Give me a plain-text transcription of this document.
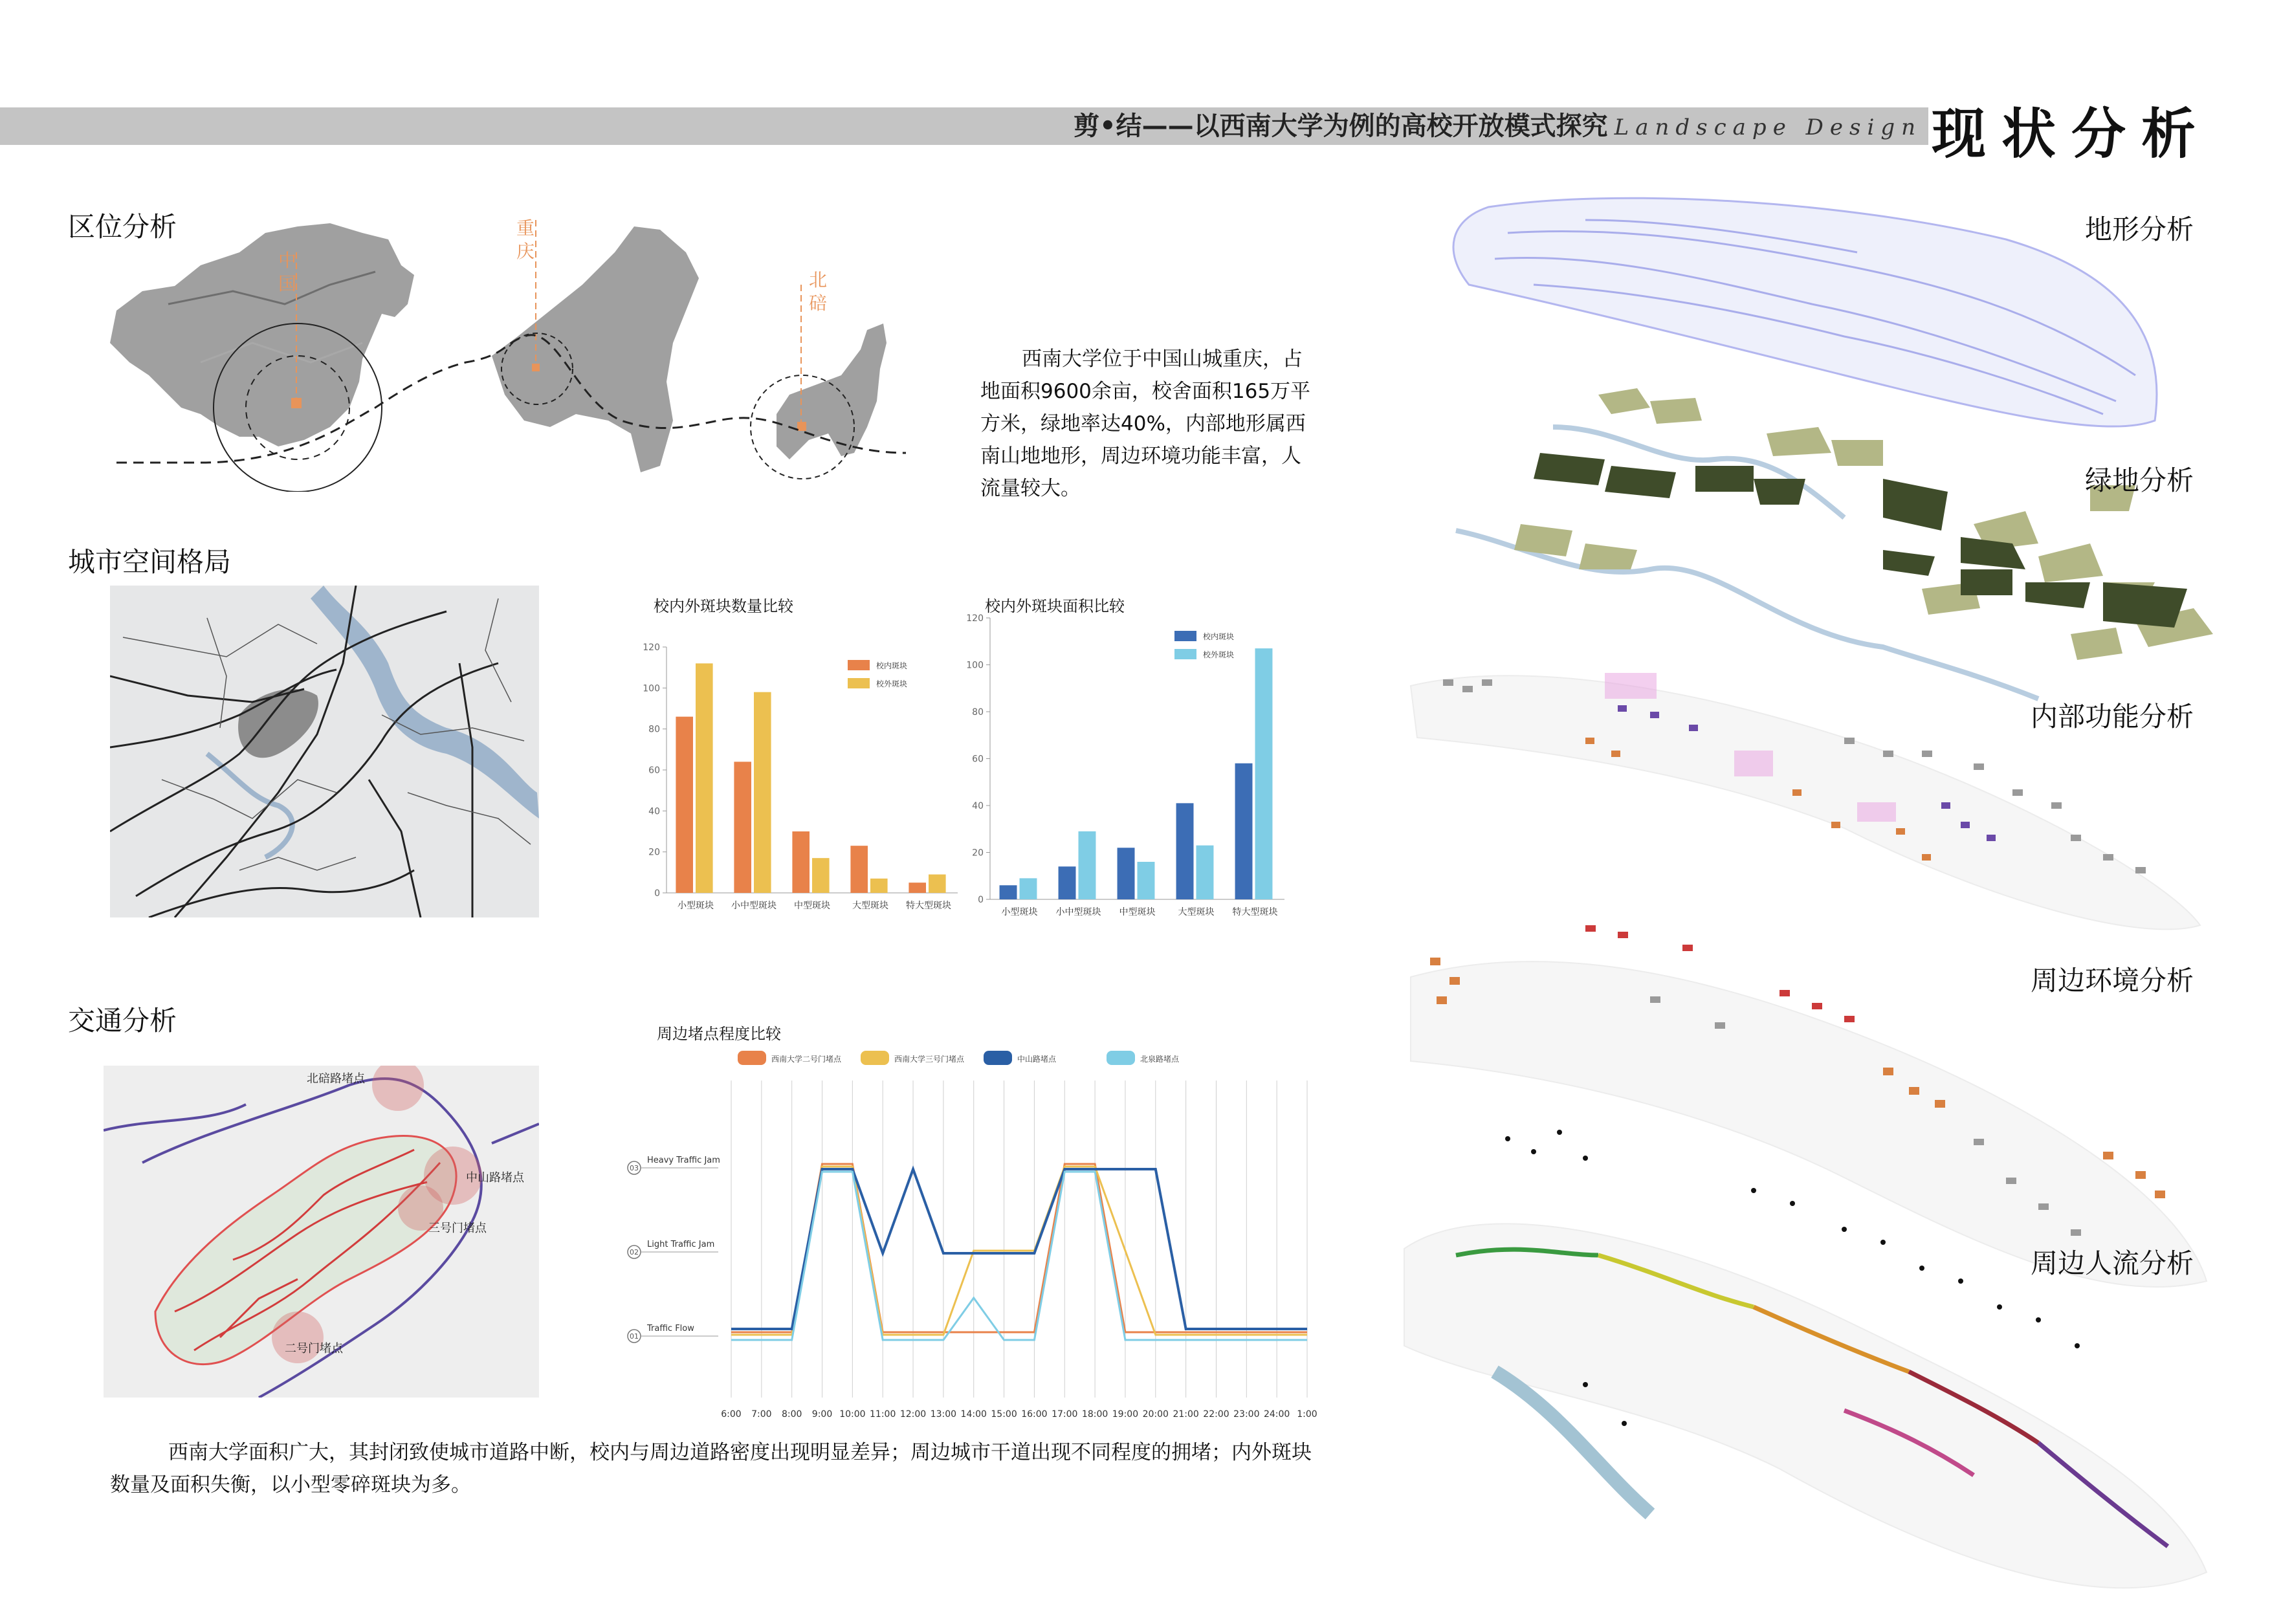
剪•结——以西南大学为例的高校开放模式探究 Landscape Design 现状分析
区位分析
城市空间格局
交通分析
中国
重庆
北碚
西南大学位于中国山城重庆，占地面积9600余亩，校舍面积165万平方米，绿地率达40%，内部地形属西南山地地形，周边环境功能丰富，人流量较大。
校内外斑块数量比较
0
20
40
60
80
100
120
小型斑块 小中型斑块 中型斑块 大型斑块 特大型斑块
校内斑块
校外斑块
校内外斑块面积比较
0
20
40
60
80
100
120
小型斑块 小中型斑块 中型斑块	大型斑块 特大型斑块
校内斑块
校外斑块
北碚路堵点
中山路堵点
三号门堵点
二号门堵点
周边堵点程度比较
6:00 7:00 8:00 9:00 10:00 11:00 12:00 13:00 14:00 15:00 16:00 17:00 18:00 19:00 20:00 21:00 22:00 23:00 24:00 1:00
01
Traffic Flow
02
Light Traffic Jam
03
Heavy Traffic Jam
西南大学二号门堵点	西南大学三号门堵点	中山路堵点	北泉路堵点
西南大学面积广大，其封闭致使城市道路中断，校内与周边道路密度出现明显差异；周边城市干道出现不同程度的拥堵；内外斑块数量及面积失衡，以小型零碎斑块为多。
地形分析
绿地分析
内部功能分析
周边环境分析
周边人流分析
